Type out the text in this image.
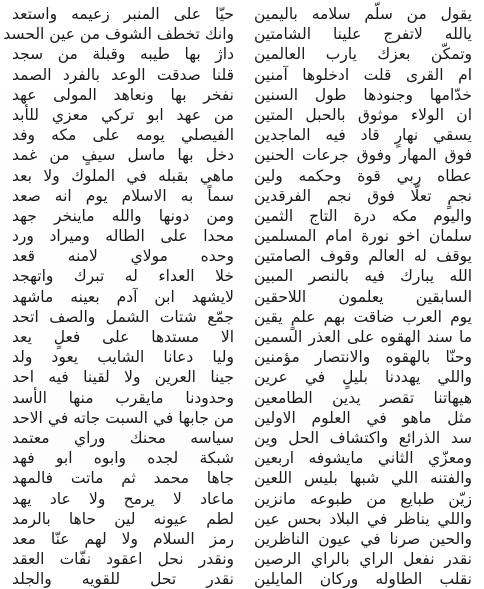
يقول من سلّم سلامه باليمين
يالله لاتفرج علينا الشامتين
وتمكّن بعزك يارب العالمين
ام القرى قلت ادخلوها آمنين
خدّامها وجنودها طول السنين
ان الولاء موثوق بالحبل المتين
يسقي نهارٍ قاد فيه الماجدين
فوق المهار وفوق جرعات الحنين
عطاه ربي قوة وحكمه ولين
نجمٍ تعلّا فوق نجم الفرقدين
واليوم مكه درة التاج الثمين
سلمان اخو نورة امام المسلمين
يوقف له العالم وقوف الصامتين
الله يبارك فيه بالنصر المبين
السابقين يعلمون اللاحقين
يوم العرب ضاقت بهم علمٍ يقين
ما سند الهقوه على العذر السمين
وحنّا بالهقوه والانتصار مؤمنين
واللي يهددنا بليلٍ في عرين
هيهاتنا تقصر يدين الطامعين
مثل ماهو في العلوم الاولين
سد الذرائع واكتشاف الحل وين
ومعزّي الثاني مايشوفه اربعين
والفتنه اللي شبها بليس اللعين
زيّن طبايع من طبوعه مانزين
واللي يناظر في البلاد بحس عين
والحين صرنا في عيون الناظرين
نقدر نفعل الراي بالراي الرصين
نقلب الطاوله وركان المايلين
حيّا على المنبر زعيمه واستعد
وانك تخطف الشوف من عين الحسد
داژ بها طيبه وقبلة من سجد
قلنا صدقت الوعد بالفرد الصمد
نفخر بها ونعاهد المولى عهد
من عهد ابو تركي معزي للأبد
الفيصلي يومه على مكه وفد
دخل بها ماسل سيفٍ من غمد
ماهي بقبله في الملوك ولا بعد
سماً به الاسلام يوم انه صعد
ومن دونها والله ماينخر جهد
محدا على الطاله وميراد ورد
وحده مولاي لامنه قعد
خلا العداء له تبرك واتهجد
لايشهد ابن آدم بعينه ماشهد
جمّع شتات الشمل والصف اتحد
الا مستدها على فعلٍ يعد
وليا دعانا الشايب يعود ولد
جينا العرين ولا لقينا فيه احد
وحدودنا مايقرب منها الأسد
من جابها في السبت جاته في الاحد
سياسه محنك وراي معتمد
شبكة لجده وابوه ابو فهد
جاها محمد ثم ماتت فالمهد
ماعاد لا يرمح ولا عاد يهد
لطم عيونه لين حاها بالرمد
رمز السلام ولا لهم عنّا معد
ونقدر نحل اعقود نفّات العقد
نقدر تحل للقويه والجلد
